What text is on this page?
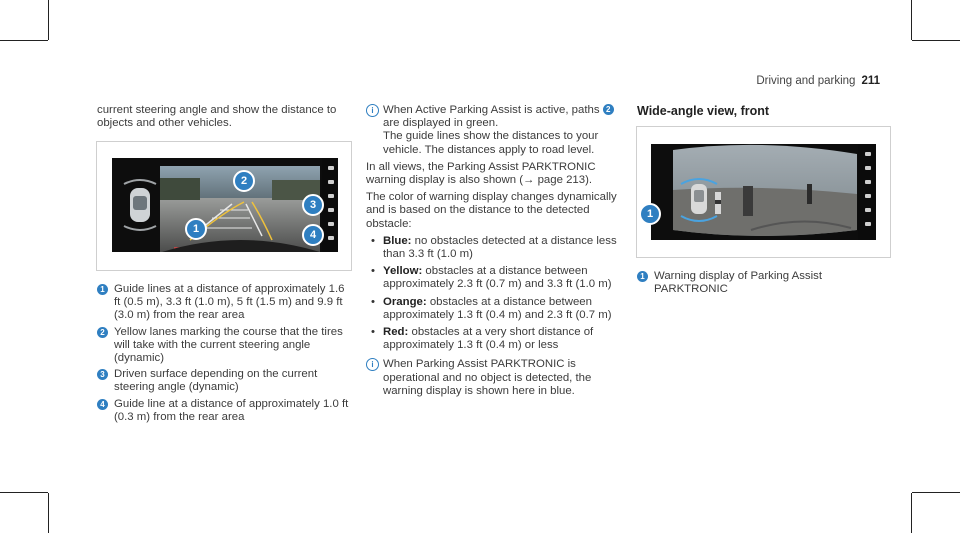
Driving and parking 211

current steering angle and show the distance to objects and other vehicles.

1
2
3
4
1 Guide lines at a distance of approximately 1.6 ft (0.5 m), 3.3 ft (1.0 m), 5 ft (1.5 m) and 9.9 ft (3.0 m) from the rear area
2 Yellow lanes marking the course that the tires will take with the current steering angle (dynamic)
3 Driven surface depending on the current steering angle (dynamic)
4 Guide line at a distance of approximately 1.0 ft (0.3 m) from the rear area
i When Active Parking Assist is active, paths 2are displayed in green.
The guide lines show the distances to your vehicle. The distances apply to road level.

In all views, the Parking Assist PARKTRONIC warning display is also shown (→ page 213).

The color of warning display changes dynamically and is based on the distance to the detected obstacle:

• Blue: no obstacles detected at a distance less than 3.3 ft (1.0 m)
• Yellow: obstacles at a distance between approximately 2.3 ft (0.7 m) and 3.3 ft (1.0 m)
• Orange: obstacles at a distance between approximately 1.3 ft (0.4 m) and 2.3 ft (0.7 m)
• Red: obstacles at a very short distance of approximately 1.3 ft (0.4 m) or less
i When Parking Assist PARKTRONIC is operational and no object is detected, the warning display is shown here in blue.
Wide-angle view, front
1
1 Warning display of Parking Assist PARKTRONIC
